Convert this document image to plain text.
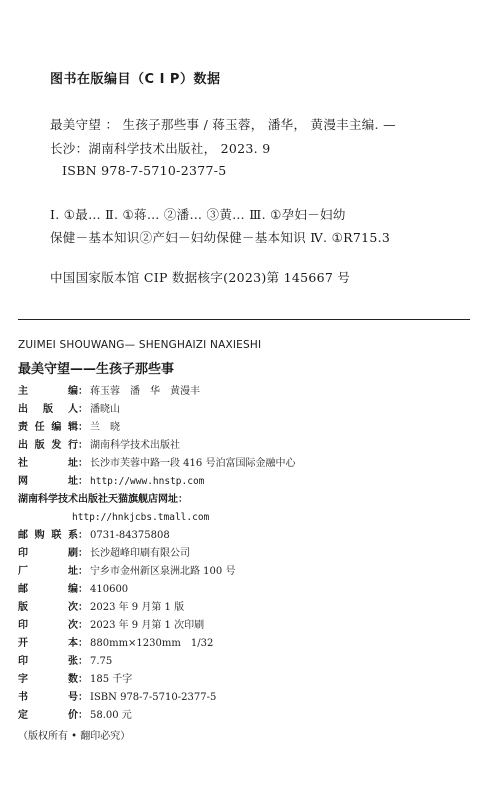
图书在版编目（C I P）数据
最美守望 ： 生孩子那些事 / 蒋玉蓉， 潘华， 黄漫丰主编. —
长沙：湖南科学技术出版社， 2023. 9
ISBN 978-7-5710-2377-5
Ⅰ. ①最… Ⅱ. ①蒋… ②潘… ③黄… Ⅲ. ①孕妇－妇幼
保健－基本知识②产妇－妇幼保健－基本知识 Ⅳ. ①R715.3
中国国家版本馆 CIP 数据核字(2023)第 145667 号
ZUIMEI SHOUWANG— SHENGHAIZI NAXIESHI
最美守望——生孩子那些事
主编： 蒋玉蓉　潘　华　黄漫丰
出版人： 潘晓山
责任编辑： 兰　晓
出版发行： 湖南科学技术出版社
社址： 长沙市芙蓉中路一段 416 号泊富国际金融中心
网址： http://www.hnstp.com
湖南科学技术出版社天猫旗舰店网址：
http://hnkjcbs.tmall.com
邮购联系： 0731-84375808
印刷： 长沙超峰印刷有限公司
厂址： 宁乡市金州新区泉洲北路 100 号
邮编： 410600
版次： 2023 年 9 月第 1 版
印次： 2023 年 9 月第 1 次印刷
开本： 880mm×1230mm　1/32
印张： 7.75
字数： 185 千字
书号： ISBN 978-7-5710-2377-5
定价： 58.00 元
（版权所有 • 翻印必究）
